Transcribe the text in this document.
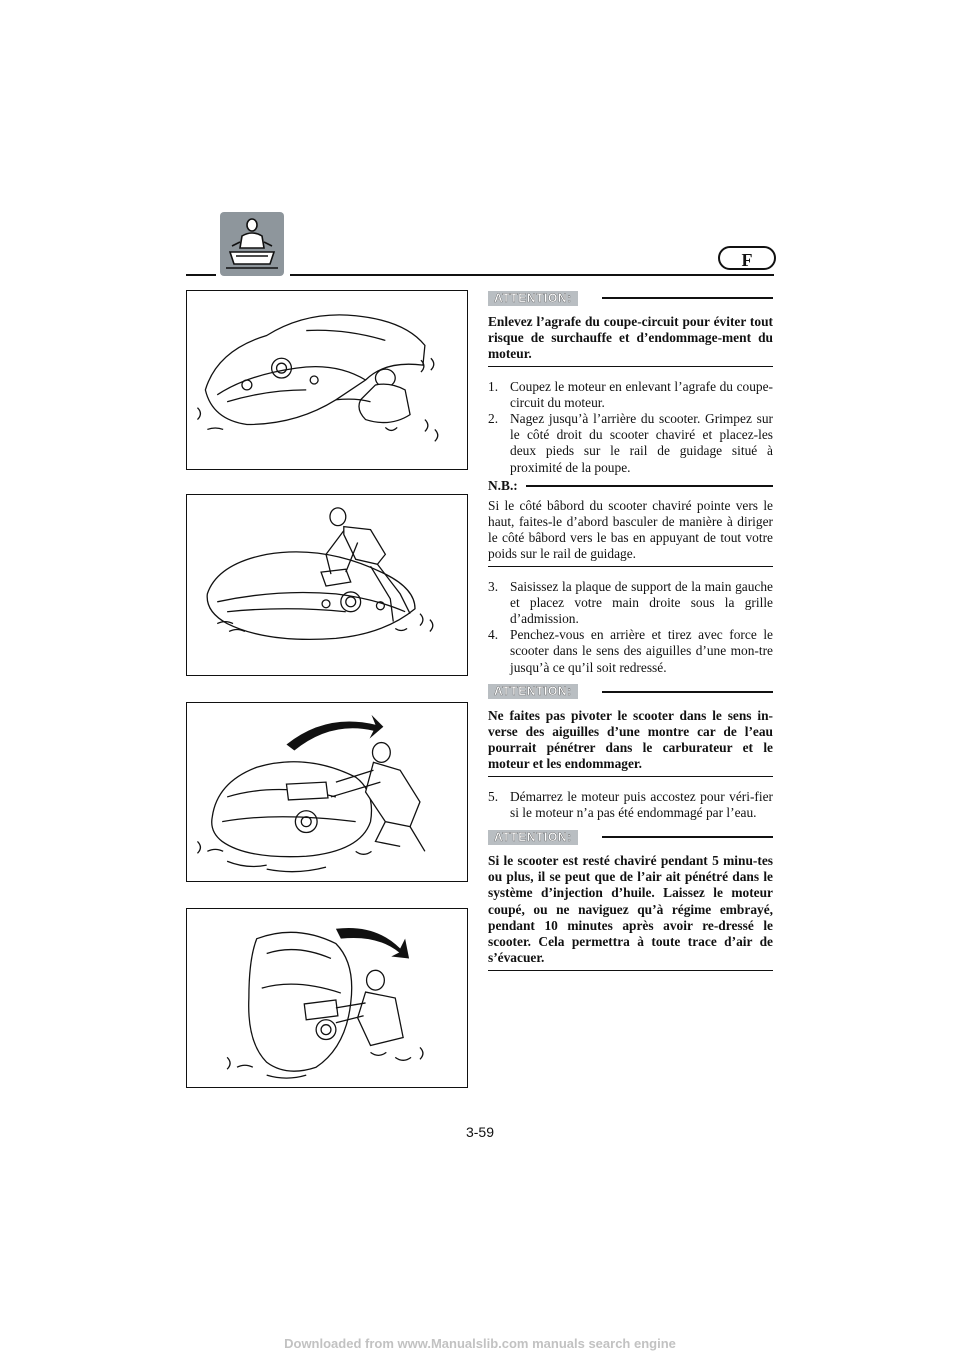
F
ATTENTION:
Enlevez l’agrafe du coupe-circuit pour éviter tout risque de surchauffe et d’endommage-ment du moteur.
1. Coupez le moteur en enlevant l’agrafe du coupe-circuit du moteur.
2. Nagez jusqu’à l’arrière du scooter. Grimpez sur le côté droit du scooter chaviré et placez-les deux pieds sur le rail de guidage situé à proximité de la poupe.
N.B.:
Si le côté bâbord du scooter chaviré pointe vers le haut, faites-le d’abord basculer de manière à diriger le côté bâbord vers le bas en appuyant de tout votre poids sur le rail de guidage.
3. Saisissez la plaque de support de la main gauche et placez votre main droite sous la grille d’admission.
4. Penchez-vous en arrière et tirez avec force le scooter dans le sens des aiguilles d’une mon-tre jusqu’à ce qu’il soit redressé.
ATTENTION:
Ne faites pas pivoter le scooter dans le sens in-verse des aiguilles d’une montre car de l’eau pourrait pénétrer dans le carburateur et le moteur et les endommager.
5. Démarrez le moteur puis accostez pour véri-fier si le moteur n’a pas été endommagé par l’eau.
ATTENTION:
Si le scooter est resté chaviré pendant 5 minu-tes ou plus, il se peut que de l’air ait pénétré dans le système d’injection d’huile. Laissez le moteur coupé, ou ne naviguez qu’à régime embrayé, pendant 10 minutes après avoir re-dressé le scooter. Cela permettra à toute trace d’air de s’évacuer.
3-59
Downloaded from www.Manualslib.com manuals search engine
